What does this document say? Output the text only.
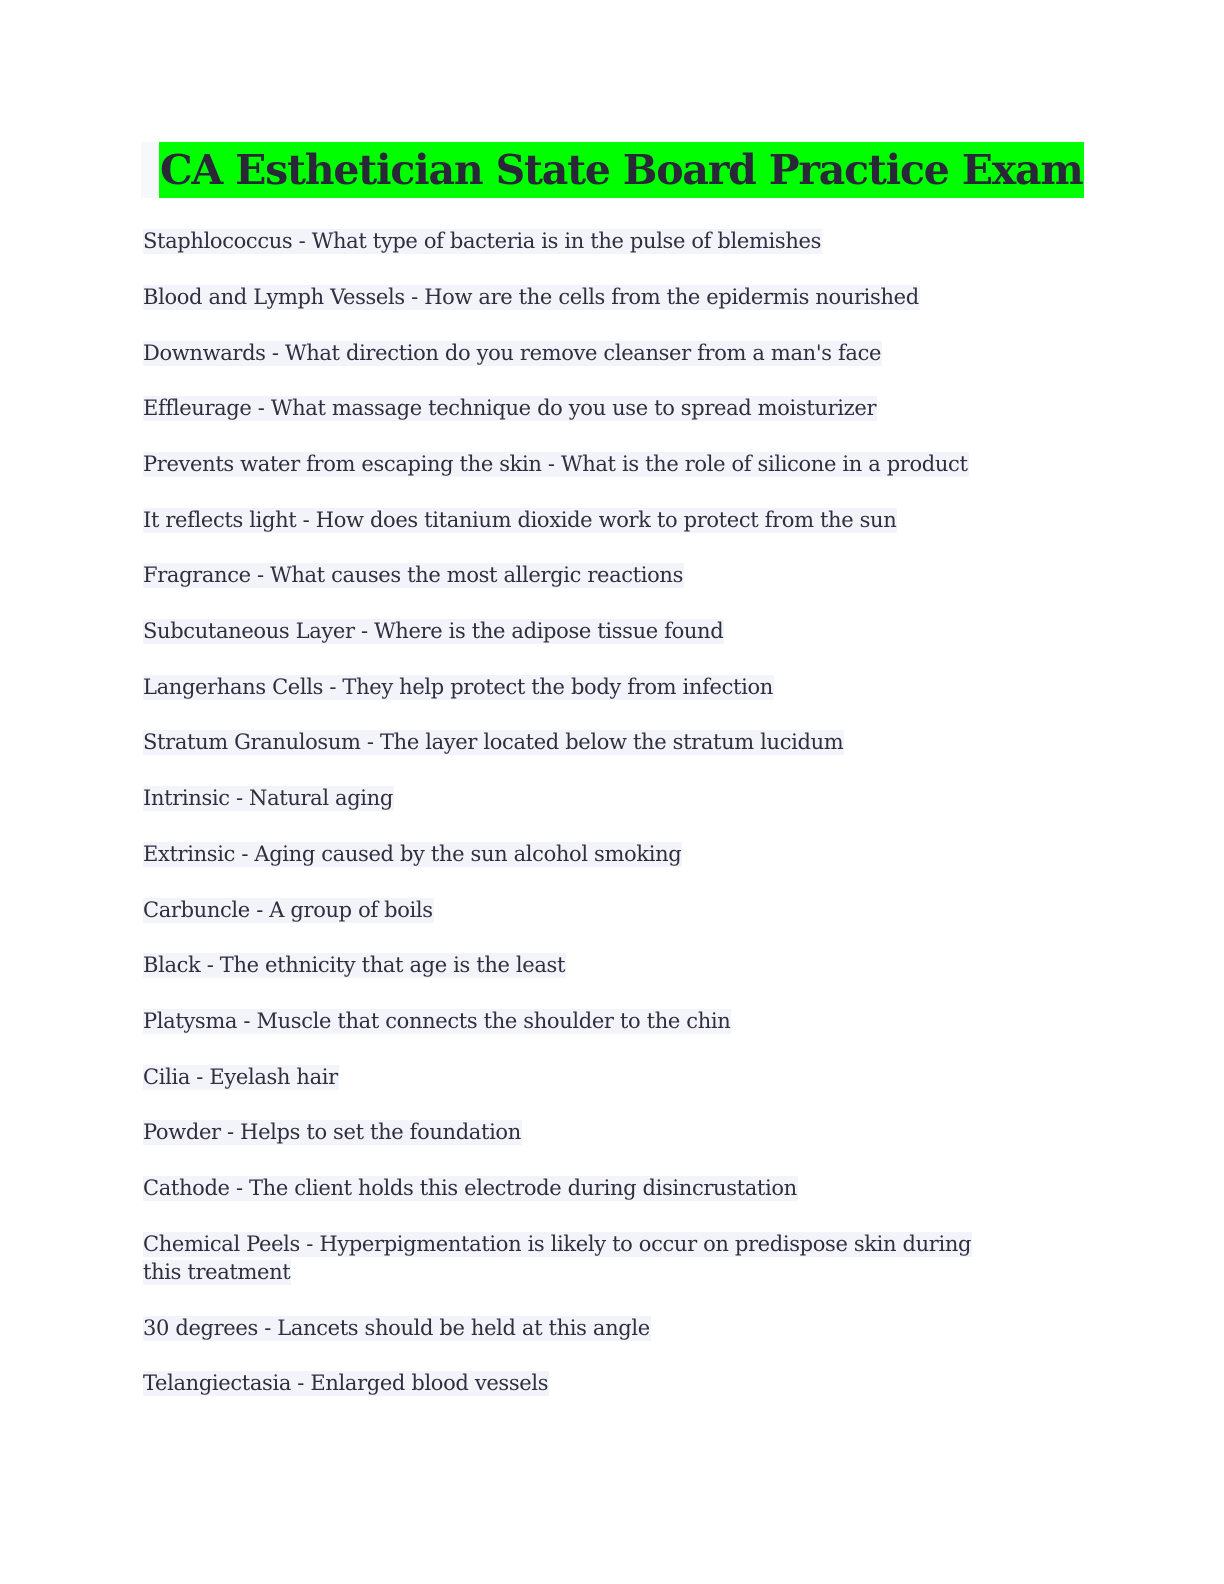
CA Esthetician State Board Practice Exam
Staphlococcus - What type of bacteria is in the pulse of blemishes
Blood and Lymph Vessels - How are the cells from the epidermis nourished
Downwards - What direction do you remove cleanser from a man's face
Effleurage - What massage technique do you use to spread moisturizer
Prevents water from escaping the skin - What is the role of silicone in a product
It reflects light - How does titanium dioxide work to protect from the sun
Fragrance - What causes the most allergic reactions
Subcutaneous Layer - Where is the adipose tissue found
Langerhans Cells - They help protect the body from infection
Stratum Granulosum - The layer located below the stratum lucidum
Intrinsic - Natural aging
Extrinsic - Aging caused by the sun alcohol smoking
Carbuncle - A group of boils
Black - The ethnicity that age is the least
Platysma - Muscle that connects the shoulder to the chin
Cilia - Eyelash hair
Powder - Helps to set the foundation
Cathode - The client holds this electrode during disincrustation
Chemical Peels - Hyperpigmentation is likely to occur on predispose skin during this treatment
30 degrees - Lancets should be held at this angle
Telangiectasia - Enlarged blood vessels
